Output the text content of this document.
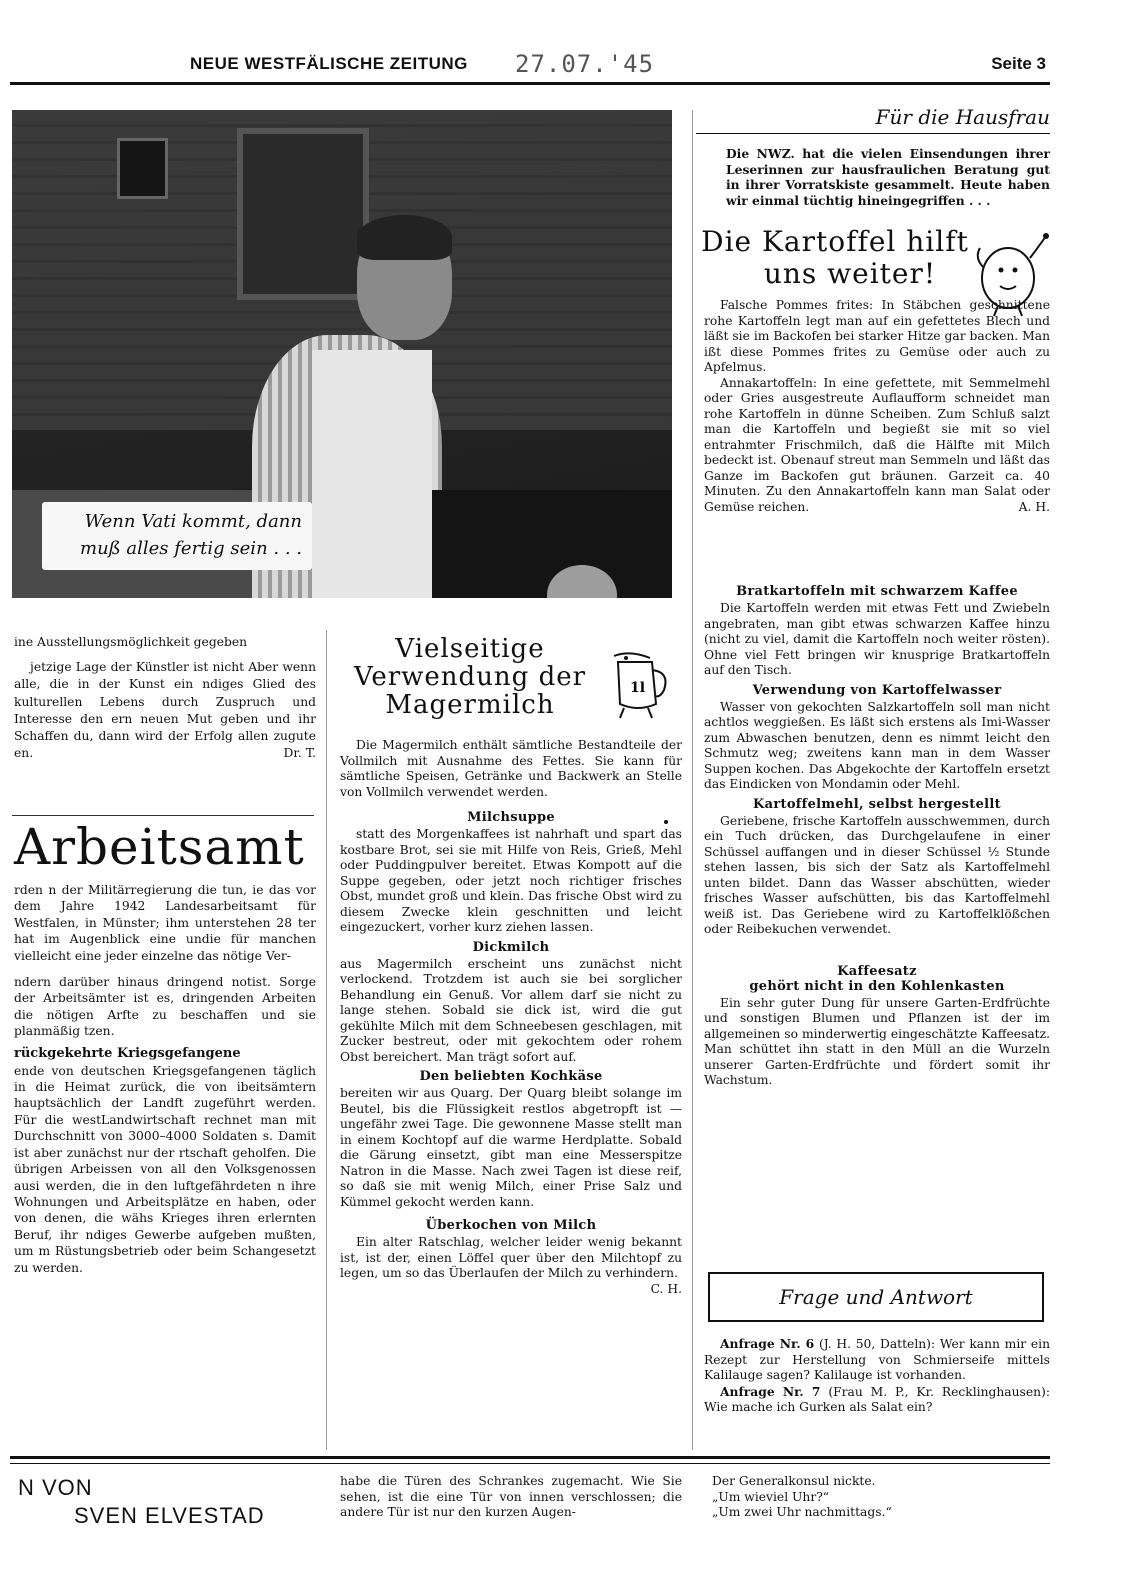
NEUE WESTFÄLISCHE ZEITUNG 27.07.'45	Seite 3
Wenn Vati kommt, dann
muß alles fertig sein . . .
Für die Hausfrau

Die NWZ. hat die vielen Einsendungen ihrer Leserinnen zur hausfraulichen Beratung gut in ihrer Vorratskiste gesammelt. Heute haben wir einmal tüchtig hineingegriffen . . .

Die Kartoffel hilft
uns weiter!

Falsche Pommes frites: In Stäbchen geschnittene rohe Kartoffeln legt man auf ein gefettetes Blech und läßt sie im Backofen bei starker Hitze gar backen. Man ißt diese Pommes frites zu Gemüse oder auch zu Apfelmus.

Annakartoffeln: In eine gefettete, mit Semmelmehl oder Gries ausgestreute Auflaufform schneidet man rohe Kartoffeln in dünne Scheiben. Zum Schluß salzt man die Kartoffeln und begießt sie mit so viel entrahmter Frischmilch, daß die Hälfte mit Milch bedeckt ist. Obenauf streut man Semmeln und läßt das Ganze im Backofen gut bräunen. Garzeit ca. 40 Minuten. Zu den Annakartoffeln kann man Salat oder Gemüse reichen.	A. H.

Bratkartoffeln mit schwarzem Kaffee

Die Kartoffeln werden mit etwas Fett und Zwiebeln angebraten, man gibt etwas schwarzen Kaffee hinzu (nicht zu viel, damit die Kartoffeln noch weiter rösten). Ohne viel Fett bringen wir knusprige Bratkartoffeln auf den Tisch.

Verwendung von Kartoffelwasser

Wasser von gekochten Salzkartoffeln soll man nicht achtlos weggießen. Es läßt sich erstens als Imi-Wasser zum Abwaschen benutzen, denn es nimmt leicht den Schmutz weg; zweitens kann man in dem Wasser Suppen kochen. Das Abgekochte der Kartoffeln ersetzt das Eindicken von Mondamin oder Mehl.

Kartoffelmehl, selbst hergestellt

Geriebene, frische Kartoffeln ausschwemmen, durch ein Tuch drücken, das Durchgelaufene in einer Schüssel auffangen und in dieser Schüssel ½ Stunde stehen lassen, bis sich der Satz als Kartoffelmehl unten bildet. Dann das Wasser abschütten, wieder frisches Wasser aufschütten, bis das Kartoffelmehl weiß ist. Das Geriebene wird zu Kartoffelklößchen oder Reibekuchen verwendet.

Kaffeesatz
gehört nicht in den Kohlenkasten

Ein sehr guter Dung für unsere Garten-Erdfrüchte und sonstigen Blumen und Pflanzen ist der im allgemeinen so minderwertig eingeschätzte Kaffeesatz. Man schüttet ihn statt in den Müll an die Wurzeln unserer Garten-Erdfrüchte und fördert somit ihr Wachstum.

Frage und Antwort

Anfrage Nr. 6 (J. H. 50, Datteln): Wer kann mir ein Rezept zur Herstellung von Schmierseife mittels Kalilauge sagen? Kalilauge ist vorhanden.

Anfrage Nr. 7 (Frau M. P., Kr. Recklinghausen): Wie mache ich Gurken als Salat ein?

Vielseitige
Verwendung der
Magermilch
1l

Die Magermilch enthält sämtliche Bestandteile der Vollmilch mit Ausnahme des Fettes. Sie kann für sämtliche Speisen, Getränke und Backwerk an Stelle von Vollmilch verwendet werden.

Milchsuppe

statt des Morgenkaffees ist nahrhaft und spart das kostbare Brot, sei sie mit Hilfe von Reis, Grieß, Mehl oder Puddingpulver bereitet. Etwas Kompott auf die Suppe gegeben, oder jetzt noch richtiger frisches Obst, mundet groß und klein. Das frische Obst wird zu diesem Zwecke klein geschnitten und leicht eingezuckert, vorher kurz ziehen lassen.

Dickmilch

aus Magermilch erscheint uns zunächst nicht verlockend. Trotzdem ist auch sie bei sorglicher Behandlung ein Genuß. Vor allem darf sie nicht zu lange stehen. Sobald sie dick ist, wird die gut gekühlte Milch mit dem Schneebesen geschlagen, mit Zucker bestreut, oder mit gekochtem oder rohem Obst bereichert. Man trägt sofort auf.

Den beliebten Kochkäse

bereiten wir aus Quarg. Der Quarg bleibt solange im Beutel, bis die Flüssigkeit restlos abgetropft ist — ungefähr zwei Tage. Die gewonnene Masse stellt man in einem Kochtopf auf die warme Herdplatte. Sobald die Gärung einsetzt, gibt man eine Messerspitze Natron in die Masse. Nach zwei Tagen ist diese reif, so daß sie mit wenig Milch, einer Prise Salz und Kümmel gekocht werden kann.

Überkochen von Milch

Ein alter Ratschlag, welcher leider wenig bekannt ist, ist der, einen Löffel quer über den Milchtopf zu legen, um so das Überlaufen der Milch zu verhindern.
C. H.

ine Ausstellungsmöglichkeit gegeben

jetzige Lage der Künstler ist nicht Aber wenn alle, die in der Kunst ein ndiges Glied des kulturellen Lebens durch Zuspruch und Interesse den ern neuen Mut geben und ihr Schaffen du, dann wird der Erfolg allen zugute en.	Dr. T.

Arbeitsamt

rden n der Militärregierung die tun, ie das vor dem Jahre 1942 Landesarbeitsamt für Westfalen, in Münster; ihm unterstehen 28 ter hat im Augenblick eine undie für manchen vielleicht eine jeder einzelne das nötige Ver-

ndern darüber hinaus dringend notist. Sorge der Arbeitsämter ist es, dringenden Arbeiten die nötigen Arfte zu beschaffen und sie planmäßig tzen.

rückgekehrte Kriegsgefangene

ende von deutschen Kriegsgefangenen täglich in die Heimat zurück, die von ibeitsämtern hauptsächlich der Landft zugeführt werden. Für die westLandwirtschaft rechnet man mit Durchschnitt von 3000–4000 Soldaten s. Damit ist aber zunächst nur der rtschaft geholfen. Die übrigen Arbeissen von all den Volksgenossen ausi werden, die in den luftgefährdeten n ihre Wohnungen und Arbeitsplätze en haben, oder von denen, die wähs Krieges ihren erlernten Beruf, ihr ndiges Gewerbe aufgeben mußten, um m Rüstungsbetrieb oder beim Schangesetzt zu werden.

N VON
SVEN ELVESTAD
habe die Türen des Schrankes zugemacht. Wie Sie sehen, ist die eine Tür von innen verschlossen; die andere Tür ist nur den kurzen Augen-

Der Generalkonsul nickte.

„Um wieviel Uhr?“

„Um zwei Uhr nachmittags.“
